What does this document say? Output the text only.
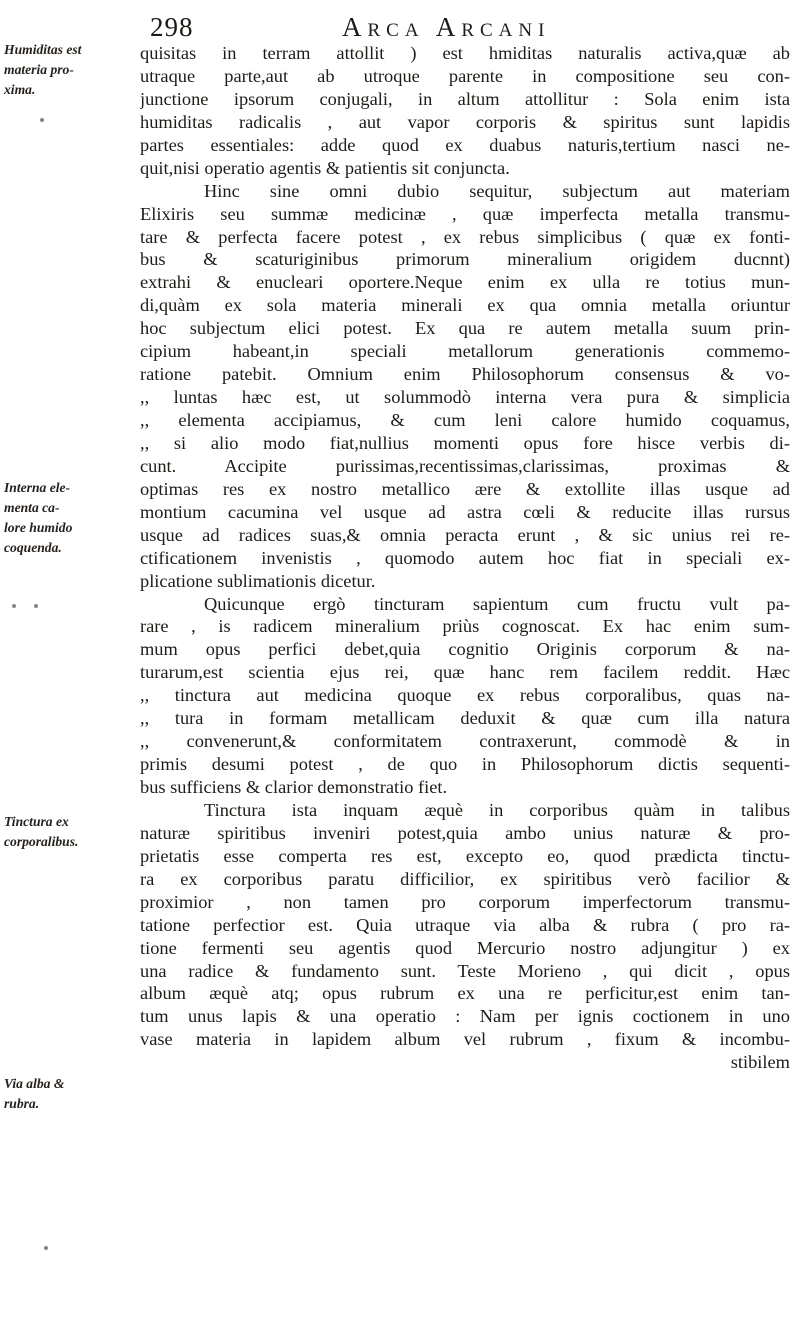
298	Arca Arcani
Humiditas est
materia pro-
xima.
Interna ele-
menta ca-
lore humido
coquenda.
Tinctura ex
corporalibus.
Via alba &
rubra.
quisitas in terram attollit ) est hmiditas naturalis activa,quæ ab
utraque parte,aut ab utroque parente in compositione seu con-
junctione ipsorum conjugali, in altum attollitur : Sola enim ista
humiditas radicalis , aut vapor corporis & spiritus sunt lapidis
partes essentiales: adde quod ex duabus naturis,tertium nasci ne-
quit,nisi operatio agentis & patientis sit conjuncta.
Hinc sine omni dubio sequitur, subjectum aut materiam
Elixiris seu summæ medicinæ , quæ imperfecta metalla transmu-
tare & perfecta facere potest , ex rebus simplicibus ( quæ ex fonti-
bus & scaturiginibus primorum mineralium origidem ducnnt)
extrahi & enucleari oportere.Neque enim ex ulla re totius mun-
di,quàm ex sola materia minerali ex qua omnia metalla oriuntur
hoc subjectum elici potest. Ex qua re autem metalla suum prin-
cipium habeant,in speciali metallorum generationis commemo-
ratione patebit. Omnium enim Philosophorum consensus & vo-
,, luntas hæc est, ut solummodò interna vera pura & simplicia
,, elementa accipiamus, & cum leni calore humido coquamus,
,, si alio modo fiat,nullius momenti opus fore hisce verbis di-
cunt. Accipite purissimas,recentissimas,clarissimas, proximas &
optimas res ex nostro metallico ære & extollite illas usque ad
montium cacumina vel usque ad astra cœli & reducite illas rursus
usque ad radices suas,& omnia peracta erunt , & sic unius rei re-
ctificationem invenistis , quomodo autem hoc fiat in speciali ex-
plicatione sublimationis dicetur.
Quicunque ergò tincturam sapientum cum fructu vult pa-
rare , is radicem mineralium priùs cognoscat. Ex hac enim sum-
mum opus perfici debet,quia cognitio Originis corporum & na-
turarum,est scientia ejus rei, quæ hanc rem facilem reddit. Hæc
,, tinctura aut medicina quoque ex rebus corporalibus, quas na-
,, tura in formam metallicam deduxit & quæ cum illa natura
,, convenerunt,& conformitatem contraxerunt, commodè & in
primis desumi potest , de quo in Philosophorum dictis sequenti-
bus sufficiens & clarior demonstratio fiet.
Tinctura ista inquam æquè in corporibus quàm in talibus
naturæ spiritibus inveniri potest,quia ambo unius naturæ & pro-
prietatis esse comperta res est, excepto eo, quod prædicta tinctu-
ra ex corporibus paratu difficilior, ex spiritibus verò facilior &
proximior , non tamen pro corporum imperfectorum transmu-
tatione perfectior est. Quia utraque via alba & rubra ( pro ra-
tione fermenti seu agentis quod Mercurio nostro adjungitur ) ex
una radice & fundamento sunt. Teste Morieno , qui dicit , opus
album æquè atq; opus rubrum ex una re perficitur,est enim tan-
tum unus lapis & una operatio : Nam per ignis coctionem in uno
vase materia in lapidem album vel rubrum , fixum & incombu-
stibilem
